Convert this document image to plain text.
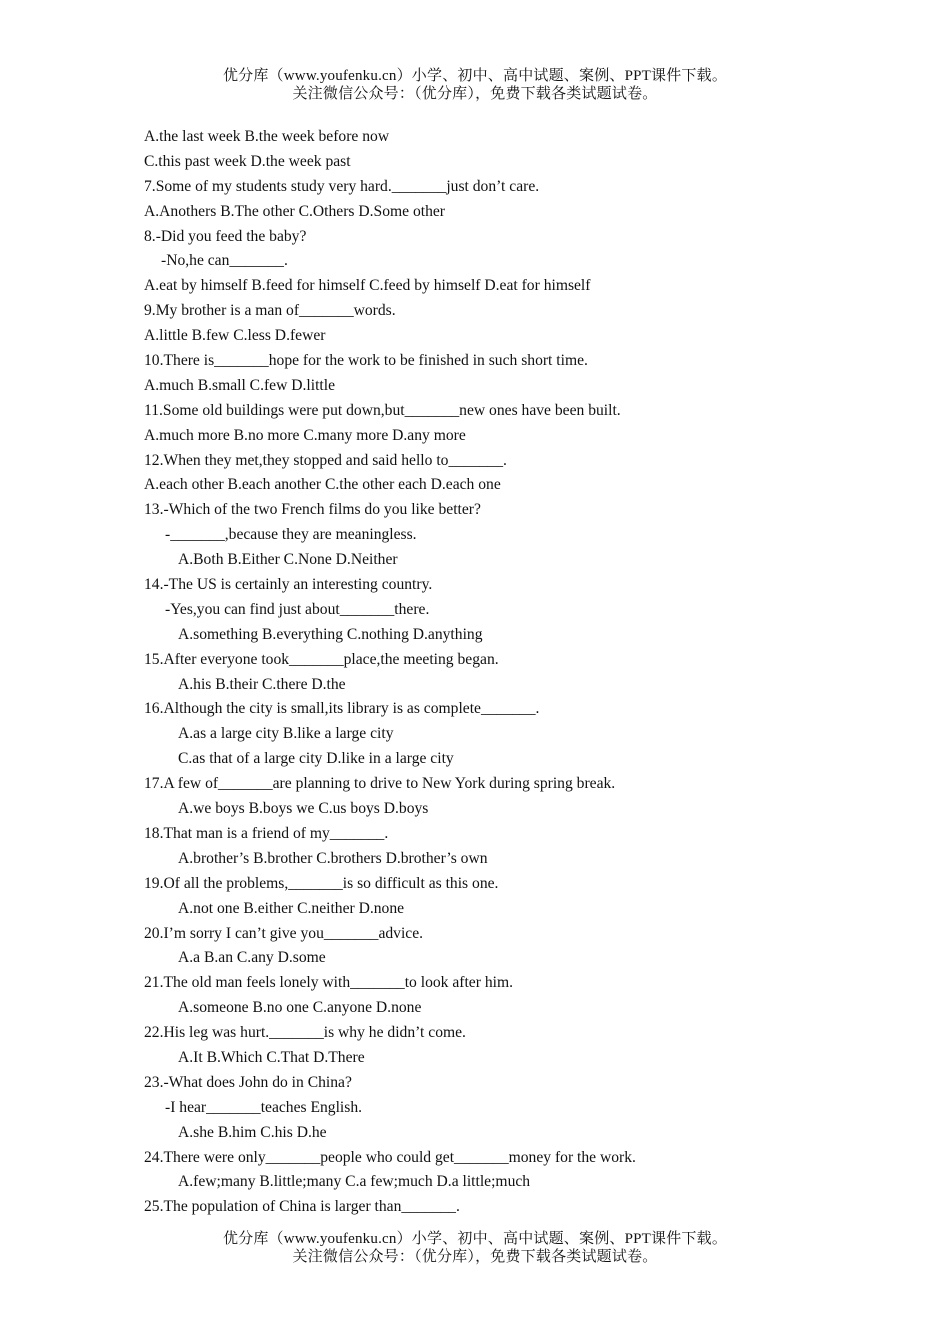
优分库（www.youfenku.cn）小学、初中、高中试题、案例、PPT课件下载。
关注微信公众号：（优分库），免费下载各类试题试卷。
A.the last week B.the week before now
C.this past week D.the week past
7.Some of my students study very hard._______just don’t care.
A.Anothers B.The other C.Others D.Some other
8.-Did you feed the baby?
-No,he can_______.
A.eat by himself B.feed for himself C.feed by himself D.eat for himself
9.My brother is a man of_______words.
A.little B.few C.less D.fewer
10.There is_______hope for the work to be finished in such short time.
A.much B.small C.few D.little
11.Some old buildings were put down,but_______new ones have been built.
A.much more B.no more C.many more D.any more
12.When they met,they stopped and said hello to_______.
A.each other B.each another C.the other each D.each one
13.-Which of the two French films do you like better?
-_______,because they are meaningless.
A.Both B.Either C.None D.Neither
14.-The US is certainly an interesting country.
-Yes,you can find just about_______there.
A.something B.everything C.nothing D.anything
15.After everyone took_______place,the meeting began.
A.his B.their C.there D.the
16.Although the city is small,its library is as complete_______.
A.as a large city B.like a large city
C.as that of a large city D.like in a large city
17.A few of_______are planning to drive to New York during spring break.
A.we boys B.boys we C.us boys D.boys
18.That man is a friend of my_______.
A.brother’s B.brother C.brothers D.brother’s own
19.Of all the problems,_______is so difficult as this one.
A.not one B.either C.neither D.none
20.I’m sorry I can’t give you_______advice.
A.a B.an C.any D.some
21.The old man feels lonely with_______to look after him.
A.someone B.no one C.anyone D.none
22.His leg was hurt._______is why he didn’t come.
A.It B.Which C.That D.There
23.-What does John do in China?
-I hear_______teaches English.
A.she B.him C.his D.he
24.There were only_______people who could get_______money for the work.
A.few;many B.little;many C.a few;much D.a little;much
25.The population of China is larger than_______.
优分库（www.youfenku.cn）小学、初中、高中试题、案例、PPT课件下载。
关注微信公众号：（优分库），免费下载各类试题试卷。
